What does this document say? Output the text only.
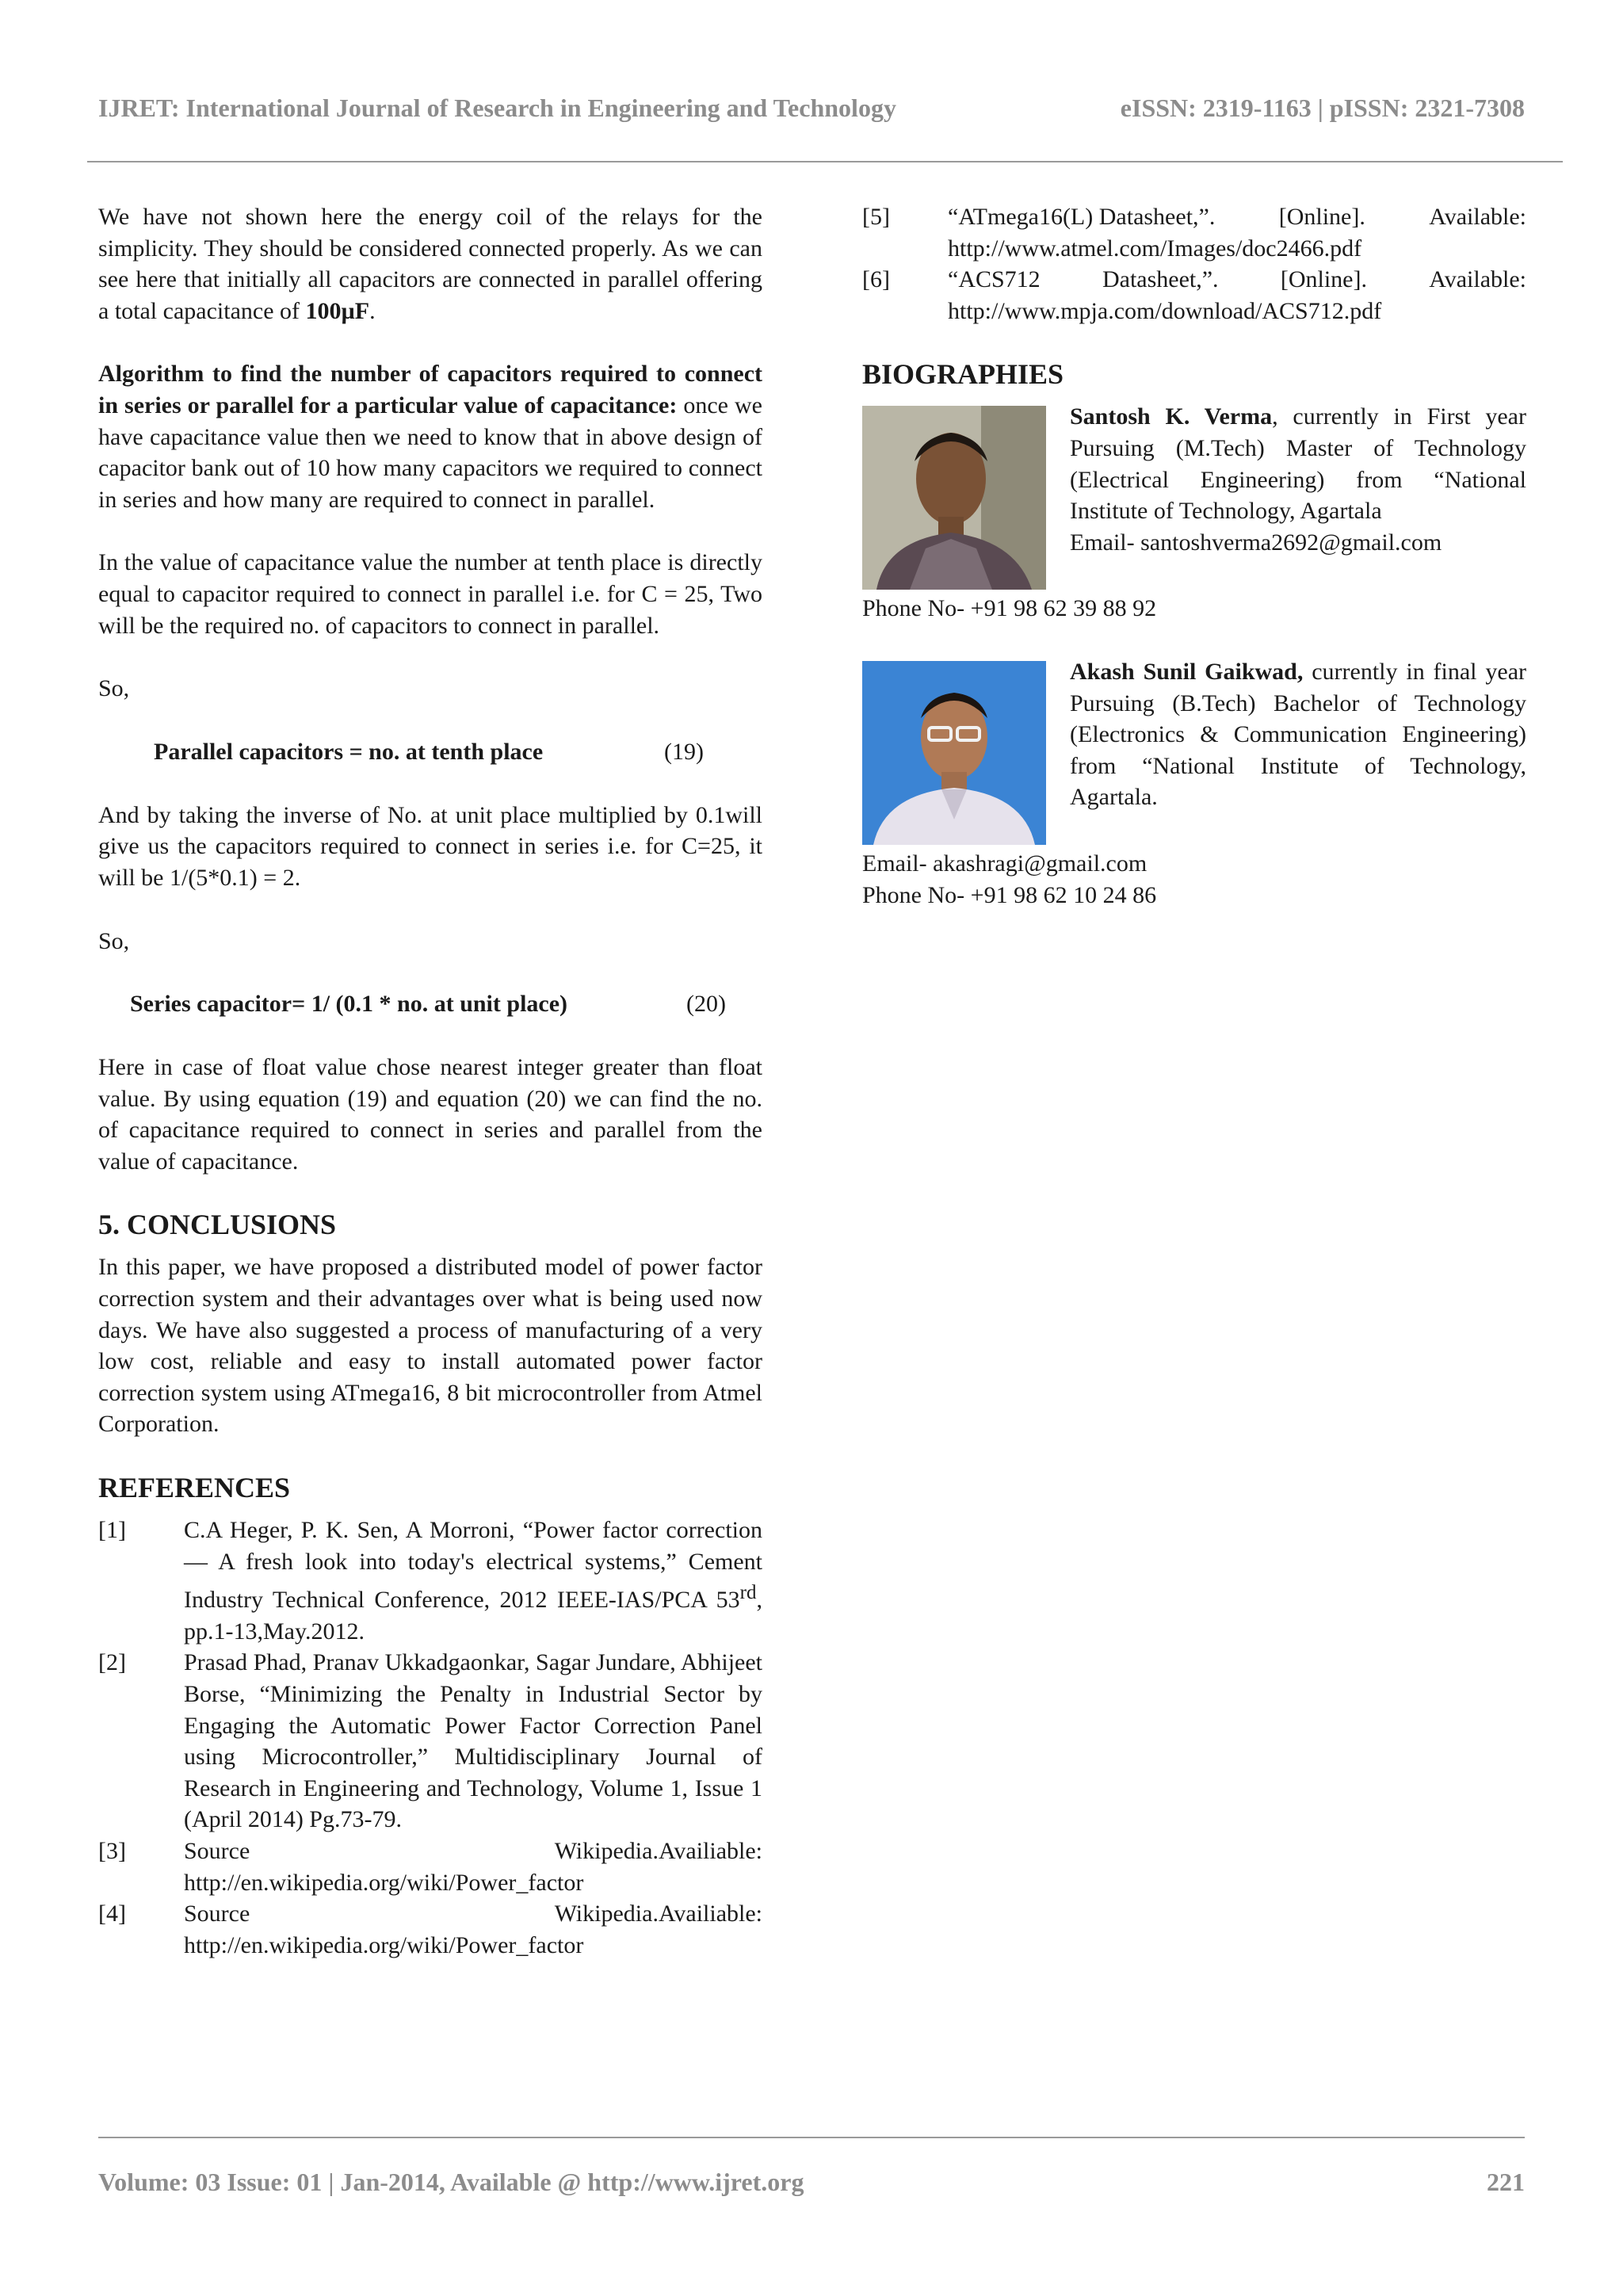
IJRET: International Journal of Research in Engineering and Technology	eISSN: 2319-1163 | pISSN: 2321-7308

We have not shown here the energy coil of the relays for the simplicity. They should be considered connected properly. As we can see here that initially all capacitors are connected in parallel offering a total capacitance of 100µF.

Algorithm to find the number of capacitors required to connect in series or parallel for a particular value of capacitance: once we have capacitance value then we need to know that in above design of capacitor bank out of 10 how many capacitors we required to connect in series and how many are required to connect in parallel.

In the value of capacitance value the number at tenth place is directly equal to capacitor required to connect in parallel i.e. for C = 25, Two will be the required no. of capacitors to connect in parallel.

So,

Parallel capacitors = no. at tenth place	(19)

And by taking the inverse of No. at unit place multiplied by 0.1will give us the capacitors required to connect in series i.e. for C=25, it will be 1/(5*0.1) = 2.

So,

Series capacitor= 1/ (0.1 * no. at unit place)	(20)

Here in case of float value chose nearest integer greater than float value. By using equation (19) and equation (20) we can find the no. of capacitance required to connect in series and parallel from the value of capacitance.

5. CONCLUSIONS

In this paper, we have proposed a distributed model of power factor correction system and their advantages over what is being used now days. We have also suggested a process of manufacturing of a very low cost, reliable and easy to install automated power factor correction system using ATmega16, 8 bit microcontroller from Atmel Corporation.

REFERENCES
[1]	C.A Heger, P. K. Sen, A Morroni, “Power factor correction — A fresh look into today's electrical systems,” Cement Industry Technical Conference, 2012 IEEE-IAS/PCA 53rd, pp.1-13,May.2012.
[2]	Prasad Phad, Pranav Ukkadgaonkar, Sagar Jundare, Abhijeet Borse, “Minimizing the Penalty in Industrial Sector by Engaging the Automatic Power Factor Correction Panel using Microcontroller,” Multidisciplinary Journal of Research in Engineering and Technology, Volume 1, Issue 1 (April 2014) Pg.73-79.
[3]	Source	Wikipedia.Availiable:
http://en.wikipedia.org/wiki/Power_factor
[4]	Source	Wikipedia.Availiable:
http://en.wikipedia.org/wiki/Power_factor
[5]	“ATmega16(L) Datasheet,”.	[Online].	Available:
http://www.atmel.com/Images/doc2466.pdf
[6]	“ACS712	Datasheet,”.	[Online].	Available:
http://www.mpja.com/download/ACS712.pdf
BIOGRAPHIES
Santosh K. Verma, currently in First year Pursuing (M.Tech) Master of Technology (Electrical Engineering) from “National Institute of Technology, Agartala
Email- santoshverma2692@gmail.com
Phone No- +91 98 62 39 88 92
Akash Sunil Gaikwad, currently in final year Pursuing (B.Tech) Bachelor of Technology (Electronics & Communication Engineering) from “National Institute of Technology, Agartala.
Email- akashragi@gmail.com
Phone No- +91 98 62 10 24 86
Volume: 03 Issue: 01 | Jan-2014, Available @ http://www.ijret.org	221
